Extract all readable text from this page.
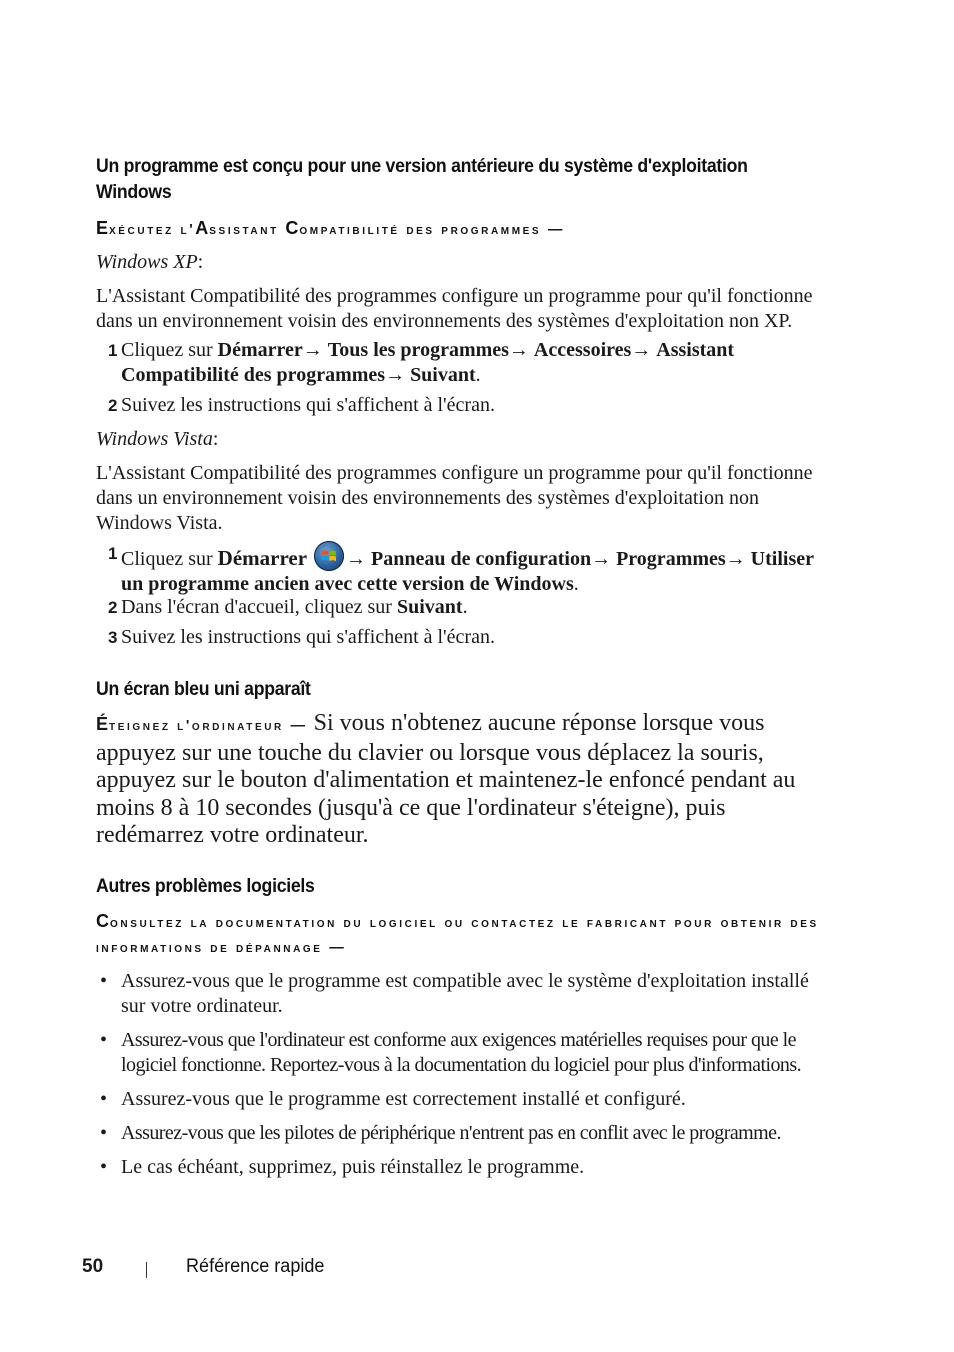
Un programme est conçu pour une version antérieure du système d'exploitation Windows
Exécutez l'Assistant Compatibilité des programmes —
Windows XP:
L'Assistant Compatibilité des programmes configure un programme pour qu'il fonctionne dans un environnement voisin des environnements des systèmes d'exploitation non XP.
1 Cliquez sur Démarrer→ Tous les programmes→ Accessoires→ Assistant Compatibilité des programmes→ Suivant.
2 Suivez les instructions qui s'affichent à l'écran.
Windows Vista:
L'Assistant Compatibilité des programmes configure un programme pour qu'il fonctionne dans un environnement voisin des environnements des systèmes d'exploitation non Windows Vista.
1 Cliquez sur Démarrer → Panneau de configuration→ Programmes→ Utiliser un programme ancien avec cette version de Windows.
2 Dans l'écran d'accueil, cliquez sur Suivant.
3 Suivez les instructions qui s'affichent à l'écran.
Un écran bleu uni apparaît
Éteignez l'ordinateur — Si vous n'obtenez aucune réponse lorsque vous appuyez sur une touche du clavier ou lorsque vous déplacez la souris, appuyez sur le bouton d'alimentation et maintenez-le enfoncé pendant au moins 8 à 10 secondes (jusqu'à ce que l'ordinateur s'éteigne), puis redémarrez votre ordinateur.
Autres problèmes logiciels
Consultez la documentation du logiciel ou contactez le fabricant pour obtenir des informations de dépannage —
• Assurez-vous que le programme est compatible avec le système d'exploitation installé sur votre ordinateur.
• Assurez-vous que l'ordinateur est conforme aux exigences matérielles requises pour que le logiciel fonctionne. Reportez-vous à la documentation du logiciel pour plus d'informations.
• Assurez-vous que le programme est correctement installé et configuré.
• Assurez-vous que les pilotes de périphérique n'entrent pas en conflit avec le programme.
• Le cas échéant, supprimez, puis réinstallez le programme.
50	Référence rapide
